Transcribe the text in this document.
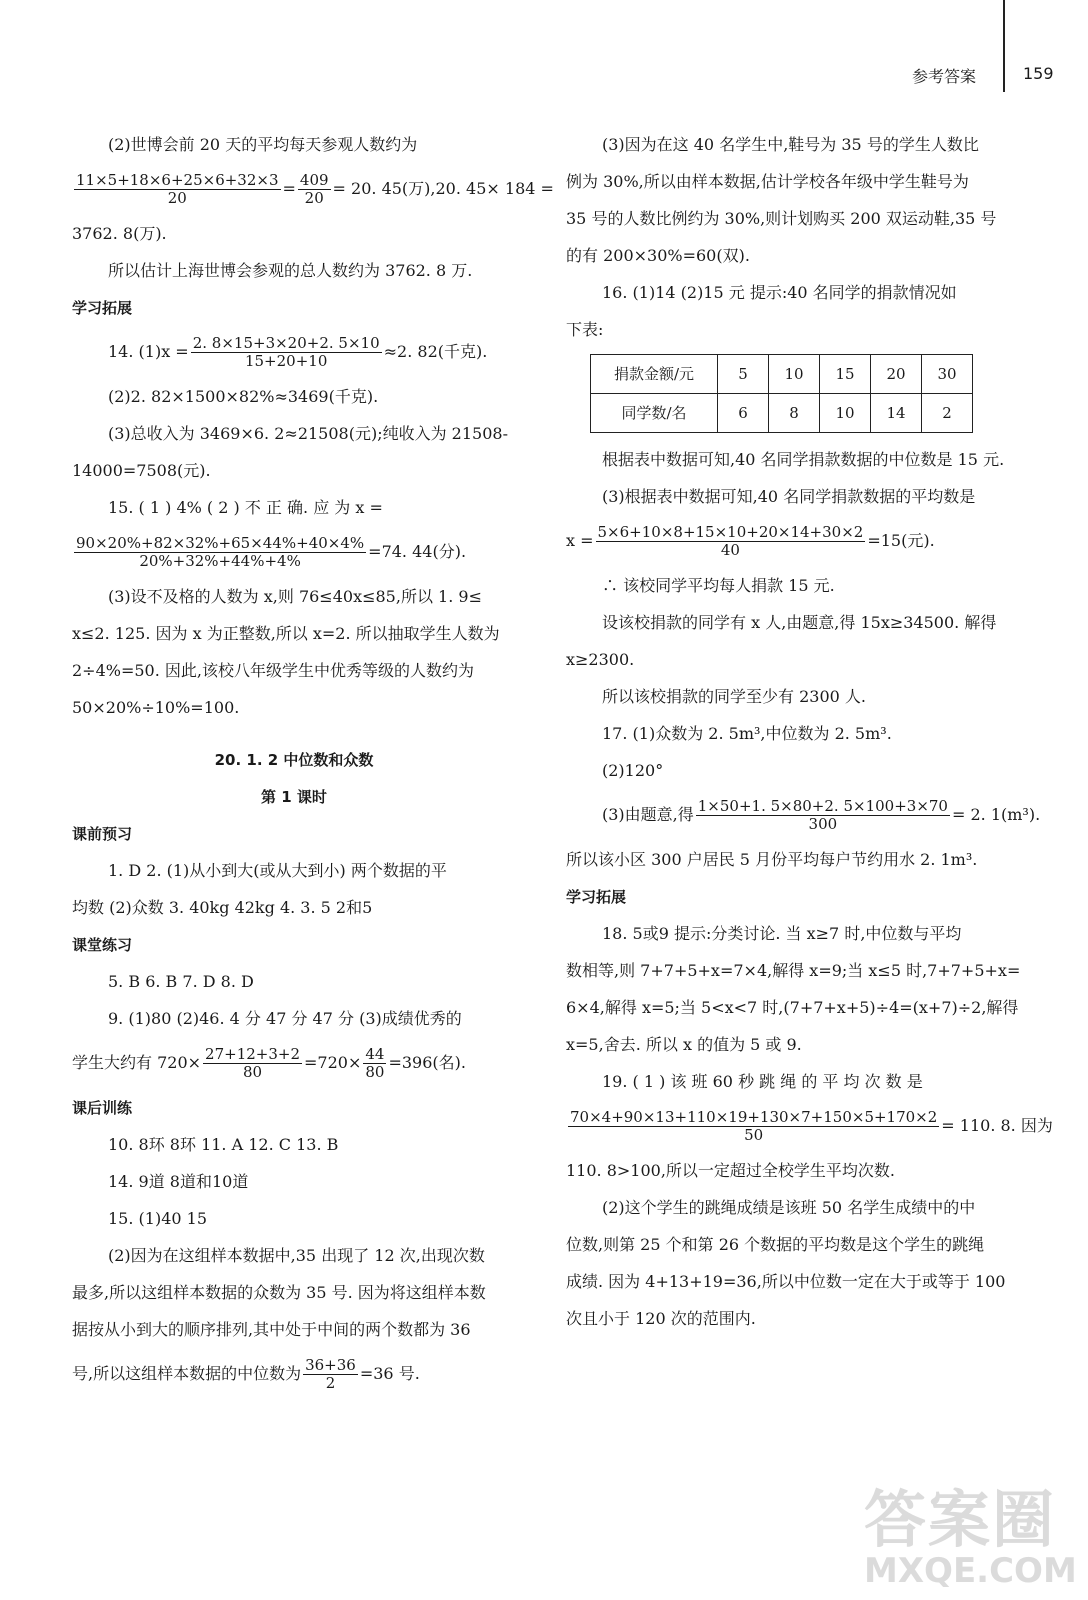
参考答案	159
(2)世博会前 20 天的平均每天参观人数约为
$\frac{11\times 5+18\times 6+25\times 6+32\times 3}{20} = \frac{409}{20} = 20$. 45(万),20. 45× 184 =
3762. 8(万).
所以估计上海世博会参观的总人数约为 3762. 8 万.
学习拓展
14. $(1)x = \frac{2. 8\times 15+3\times 20+2. 5\times 10}{15+20+10} \approx 2$. 82(千克).
(2)2. 82×1500×82%≈3469(千克).
(3)总收入为 3469×6. 2≈21508(元);纯收入为 21508-
14000=7508(元).
15. ( 1 ) 4% ( 2 ) 不 正 确. 应 为 x =
$\frac{90\times 20\%+82\times 32\%+65\times 44\%+40\times 4\%}{20\%+32\%+44\%+4\%} =74$. 44(分).
(3)设不及格的人数为 x,则 76≤40x≤85,所以 1. 9≤
x≤2. 125. 因为 x 为正整数,所以 x=2. 所以抽取学生人数为
2÷4%=50. 因此,该校八年级学生中优秀等级的人数约为
50×20%÷10%=100.
20. 1. 2 中位数和众数
第 1 课时
课前预习
1. D 2. (1)从小到大(或从大到小) 两个数据的平
均数 (2)众数 3. 40kg 42kg 4. 3. 5 2和5
课堂练习
5. B 6. B 7. D 8. D
9. (1)80 (2)46. 4 分 47 分 47 分 (3)成绩优秀的
学生大约有 $720\times \frac{27+12+3+2}{80} =720\times \frac{44}{80} =396$(名).
课后训练
10. 8环 8环 11. A 12. C 13. B
14. 9道 8道和10道
15. (1)40 15
(2)因为在这组样本数据中,35 出现了 12 次,出现次数
最多,所以这组样本数据的众数为 35 号. 因为将这组样本数
据按从小到大的顺序排列,其中处于中间的两个数都为 36
号,所以这组样本数据的中位数为 $\frac{36+36}{2} =36$ 号.
(3)因为在这 40 名学生中,鞋号为 35 号的学生人数比
例为 30%,所以由样本数据,估计学校各年级中学生鞋号为
35 号的人数比例约为 30%,则计划购买 200 双运动鞋,35 号
的有 200×30%=60(双).
16. (1)14 (2)15 元 提示:40 名同学的捐款情况如
下表:
捐款金额/元	5	10	15	20	30
同学数/名	6	8	10	14	2
根据表中数据可知,40 名同学捐款数据的中位数是 15 元.
(3)根据表中数据可知,40 名同学捐款数据的平均数是
$x = \frac{5\times 6+10\times 8+15\times 10+20\times 14+30\times 2}{40} =15$(元).
∴ 该校同学平均每人捐款 15 元.
设该校捐款的同学有 x 人,由题意,得 15x≥34500. 解得
x≥2300.
所以该校捐款的同学至少有 2300 人.
17. (1)众数为 2. 5m³,中位数为 2. 5m³.
(2)120°
(3)由题意,得 $\frac{1\times 50+1. 5\times 80+2. 5\times 100+3\times 70}{300} = 2$. 1(m³).
所以该小区 300 户居民 5 月份平均每户节约用水 2. 1m³.
学习拓展
18. 5或9 提示:分类讨论. 当 x≥7 时,中位数与平均
数相等,则 7+7+5+x=7×4,解得 x=9;当 x≤5 时,7+7+5+x=
6×4,解得 x=5;当 5<x<7 时,(7+7+x+5)÷4=(x+7)÷2,解得
x=5,舍去. 所以 x 的值为 5 或 9.
19. ( 1 ) 该 班 60 秒 跳 绳 的 平 均 次 数 是
$\frac{70\times 4+90\times 13+110\times 19+130\times 7+150\times 5+170\times 2}{50} = 110$. 8. 因为
110. 8>100,所以一定超过全校学生平均次数.
(2)这个学生的跳绳成绩是该班 50 名学生成绩中的中
位数,则第 25 个和第 26 个数据的平均数是这个学生的跳绳
成绩. 因为 4+13+19=36,所以中位数一定在大于或等于 100
次且小于 120 次的范围内.
答案圈
MXQE.COM
